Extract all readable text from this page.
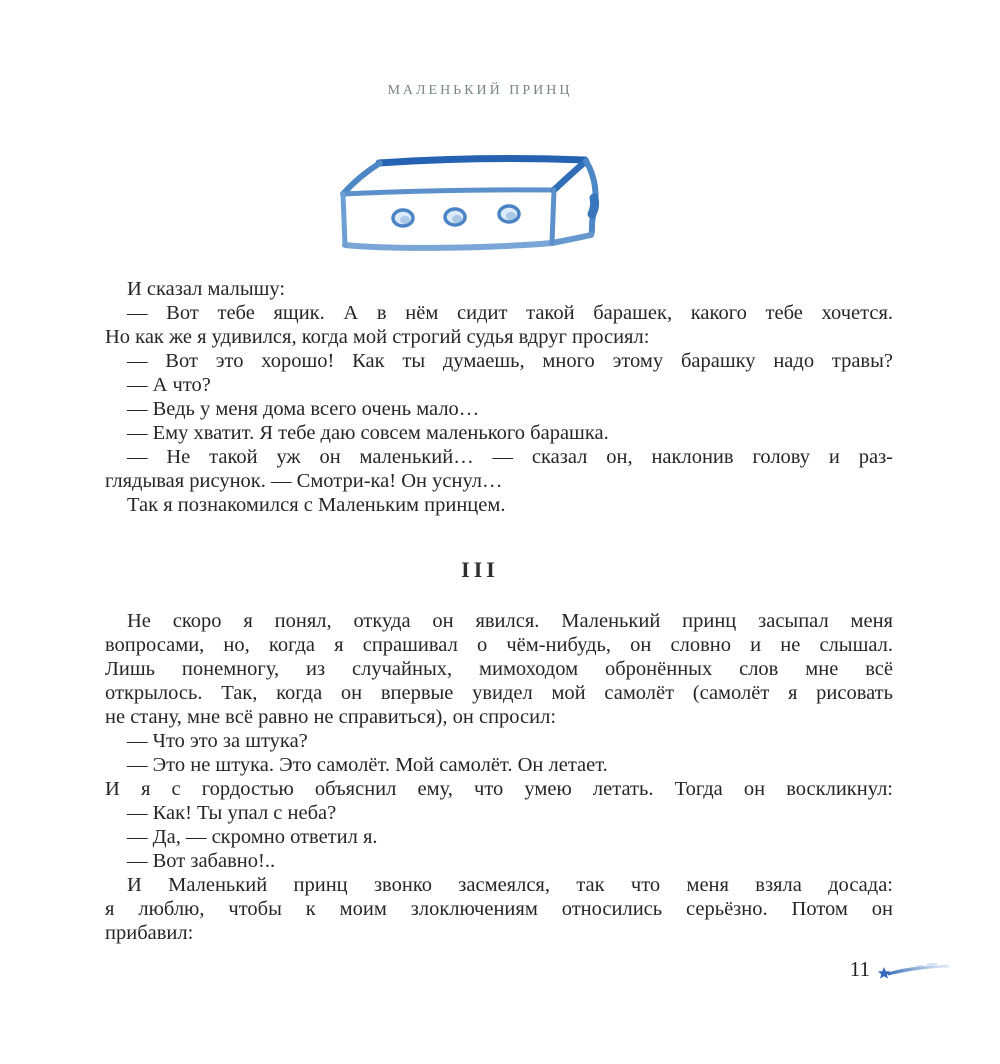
МАЛЕНЬКИЙ ПРИНЦ
И сказал малышу:
— Вот тебе ящик. А в нём сидит такой барашек, какого тебе хочется.
Но как же я удивился, когда мой строгий судья вдруг просиял:
— Вот это хорошо! Как ты думаешь, много этому барашку надо травы?
— А что?
— Ведь у меня дома всего очень мало…
— Ему хватит. Я тебе даю совсем маленького барашка.
— Не такой уж он маленький… — сказал он, наклонив голову и раз-
глядывая рисунок. — Смотри-ка! Он уснул…
Так я познакомился с Маленьким принцем.
III
Не скоро я понял, откуда он явился. Маленький принц засыпал меня
вопросами, но, когда я спрашивал о чём-нибудь, он словно и не слышал.
Лишь понемногу, из случайных, мимоходом обронённых слов мне всё
открылось. Так, когда он впервые увидел мой самолёт (самолёт я рисовать
не стану, мне всё равно не справиться), он спросил:
— Что это за штука?
— Это не штука. Это самолёт. Мой самолёт. Он летает.
И я с гордостью объяснил ему, что умею летать. Тогда он воскликнул:
— Как! Ты упал с неба?
— Да, — скромно ответил я.
— Вот забавно!..
И Маленький принц звонко засмеялся, так что меня взяла досада:
я люблю, чтобы к моим злоключениям относились серьёзно. Потом он
прибавил:
11
